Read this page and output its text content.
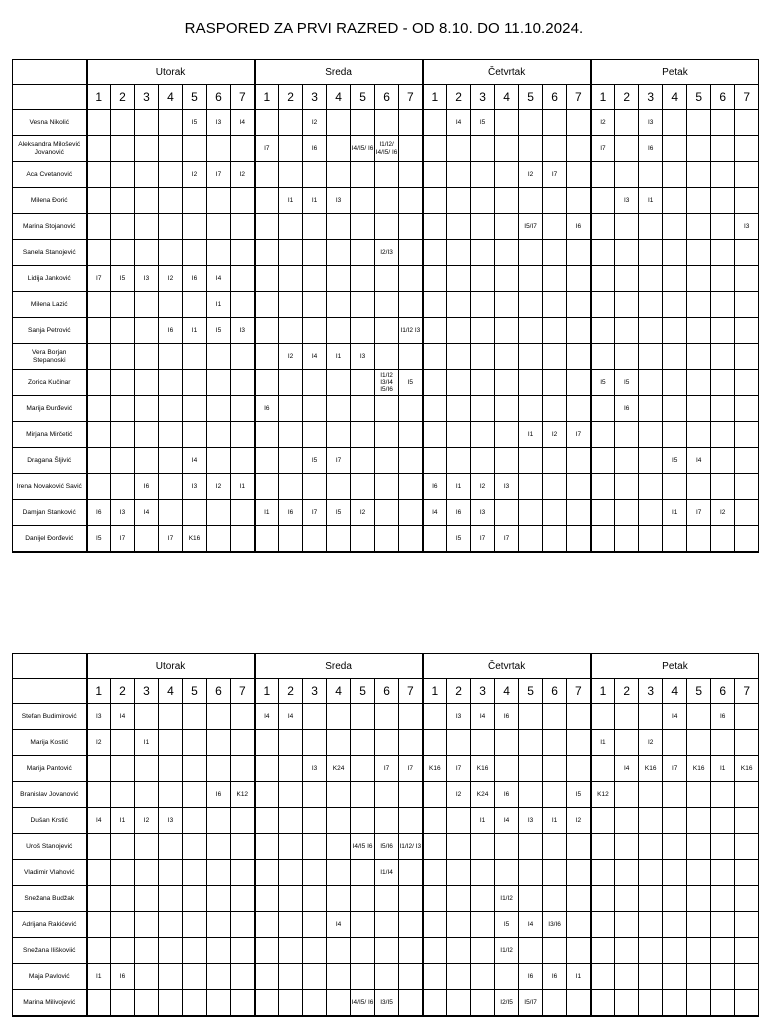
RASPORED ZA PRVI RAZRED - OD 8.10. DO 11.10.2024.
	Utorak							Sreda							Četvrtak							Petak						
	1	2	3	4	5	6	7	1	2	3	4	5	6	7	1	2	3	4	5	6	7	1	2	3	4	5	6	7
Vesna Nikolić					I5	I3	I4			I2						I4	I5					I2		I3				
Aleksandra Milošević Jovanović								I7		I6		I4/I5/ I6	I1/I2/ I4/I5/ I6									I7		I6				
Aca Cvetanović					I2	I7	I2												I2	I7								
Milena Đorić									I1	I1	I3												I3	I1				
Marina Stojanović																			I5/I7		I6							I3
Sanela Stanojević													I2/I3															
Lidija Janković	I7	I5	I3	I2	I6	I4																						
Milena Lazić						I1																						
Sanja Petrović				I6	I1	I5	I3							I1/I2 I3														
Vera Borjan Stepanoski									I2	I4	I1	I3																
Zorica Kučinar													I1/I2 I3/I4 I5/I6	I5								I5	I5					
Marija Đurđević								I6															I6					
Mirjana Mirčetić																			I1	I2	I7							
Dragana Šljivić					I4					I5	I7														I5	I4		
Irena Novaković Savić			I6		I3	I2	I1								I6	I1	I2	I3										
Damjan Stanković	I6	I3	I4					I1	I6	I7	I5	I2			I4	I6	I3								I1	I7	I2	
Danijel Đorđević	I5	I7		I7	K16											I5	I7	I7										
	Utorak							Sreda							Četvrtak							Petak						
	1	2	3	4	5	6	7	1	2	3	4	5	6	7	1	2	3	4	5	6	7	1	2	3	4	5	6	7
Stefan Budimirović	I3	I4						I4	I4							I3	I4	I6							I4		I6	
Marija Kostić	I2		I1																			I1		I2				
Marija Pantović										I3	K24		I7	I7	K16	I7	K16						I4	K16	I7	K16	I1	K16
Branislav Jovanović						I6	K12									I2	K24	I6			I5	K12						
Dušan Krstić	I4	I1	I2	I3													I1	I4	I3	I1	I2							
Uroš Stanojević												I4/I5 I6	I5/I6	I1/I2/ I3														
Vladimir Vlahović													I1/I4															
Snežana Budžak																		I1/I2										
Adrijana Rakićević											I4							I5	I4	I3/I6								
Snežana Iliškoviić																		I1/I2										
Maja Pavlović	I1	I6																	I6	I6	I1							
Marina Milivojević												I4/I5/ I6	I3/I5					I2/I5	I5/I7									
